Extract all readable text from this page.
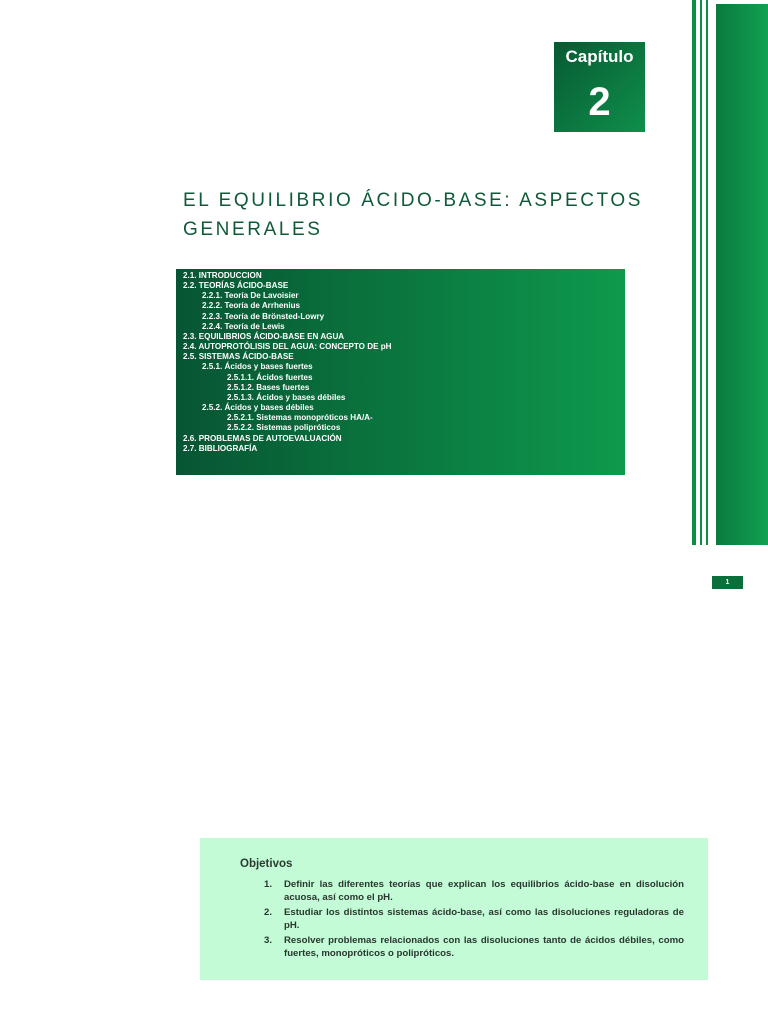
Capítulo
2
EL EQUILIBRIO ÁCIDO-BASE: ASPECTOS GENERALES
2.1. INTRODUCCION
2.2. TEORÍAS ÁCIDO-BASE
2.2.1. Teoría De Lavoisier
2.2.2. Teoría de Arrhenius
2.2.3. Teoría de Brönsted-Lowry
2.2.4. Teoría de Lewis
2.3. EQUILIBRIOS ÁCIDO-BASE EN AGUA
2.4. AUTOPROTÓLISIS DEL AGUA: CONCEPTO DE pH
2.5. SISTEMAS ÁCIDO-BASE
2.5.1. Ácidos y bases fuertes
2.5.1.1. Ácidos fuertes
2.5.1.2. Bases fuertes
2.5.1.3. Ácidos y bases débiles
2.5.2. Ácidos y bases débiles
2.5.2.1. Sistemas monopróticos HA/A-
2.5.2.2. Sistemas polipróticos
2.6. PROBLEMAS DE AUTOEVALUACIÓN
2.7. BIBLIOGRAFÍA
1
Objetivos
1. Definir las diferentes teorías que explican los equilibrios ácido-base en disolución acuosa, así como el pH.
2. Estudiar los distintos sistemas ácido-base, así como las disoluciones reguladoras de pH.
3. Resolver problemas relacionados con las disoluciones tanto de ácidos débiles, como fuertes, monopróticos o polipróticos.
